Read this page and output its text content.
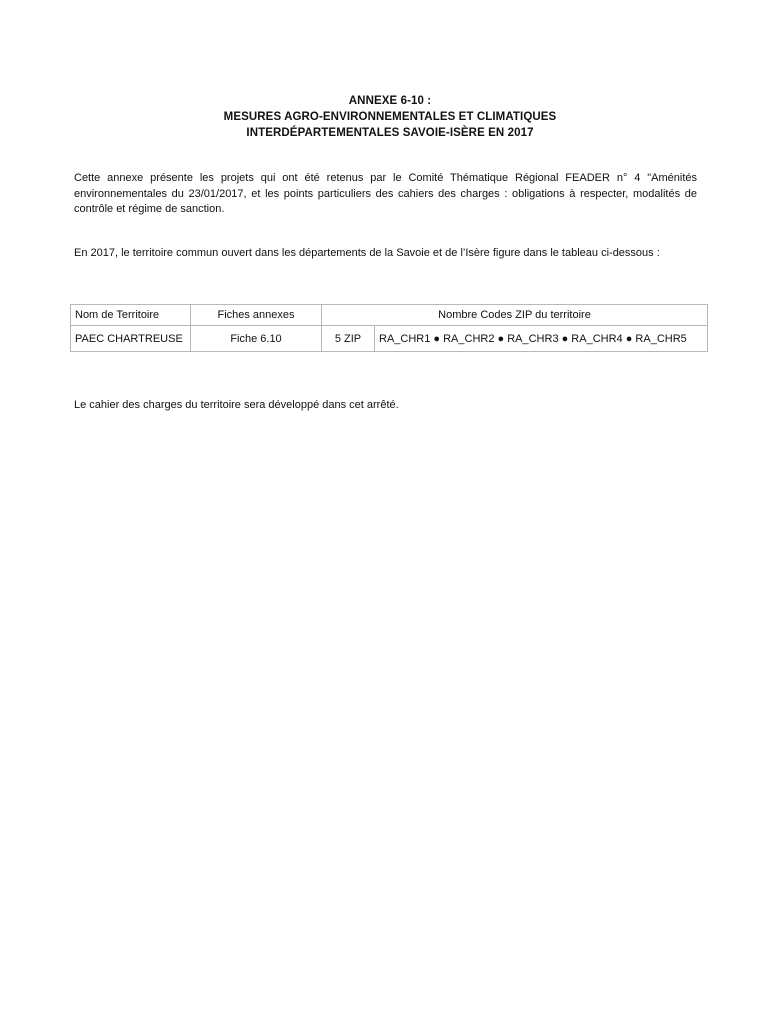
ANNEXE 6-10 :
MESURES AGRO-ENVIRONNEMENTALES ET CLIMATIQUES
INTERDÉPARTEMENTALES SAVOIE-ISÈRE EN 2017

Cette annexe présente les projets qui ont été retenus par le Comité Thématique Régional FEADER n° 4 "Aménités environnementales du 23/01/2017, et les points particuliers des cahiers des charges : obligations à respecter, modalités de contrôle et régime de sanction.

En 2017, le territoire commun ouvert dans les départements de la Savoie et de l’Isère figure dans le tableau ci-dessous :

Nom de Territoire	Fiches annexes	Nombre Codes ZIP du territoire	
PAEC CHARTREUSE	Fiche 6.10	5 ZIP	RA_CHR1 ● RA_CHR2 ● RA_CHR3 ● RA_CHR4 ● RA_CHR5

Le cahier des charges du territoire sera développé dans cet arrêté.
